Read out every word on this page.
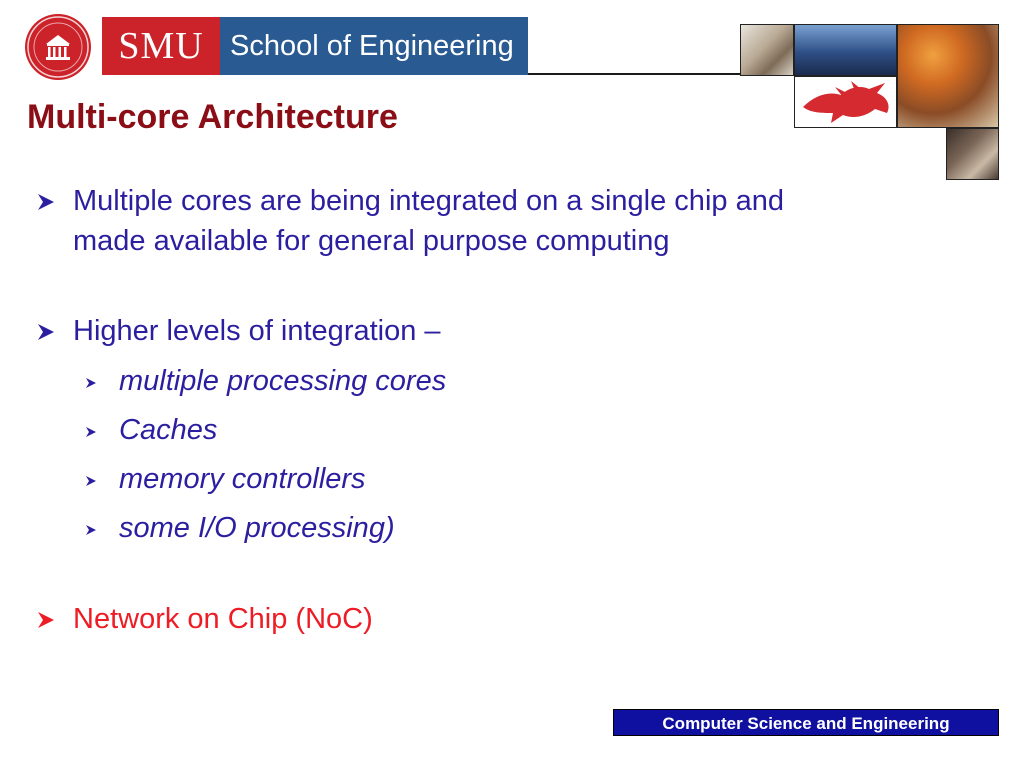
SMU School of Engineering
Multi-core Architecture
Multiple cores are being integrated on a single chip and
made available for general purpose computing
Higher levels of integration –
multiple processing cores
Caches
memory controllers
some I/O processing)
Network on Chip (NoC)
Computer Science and Engineering
